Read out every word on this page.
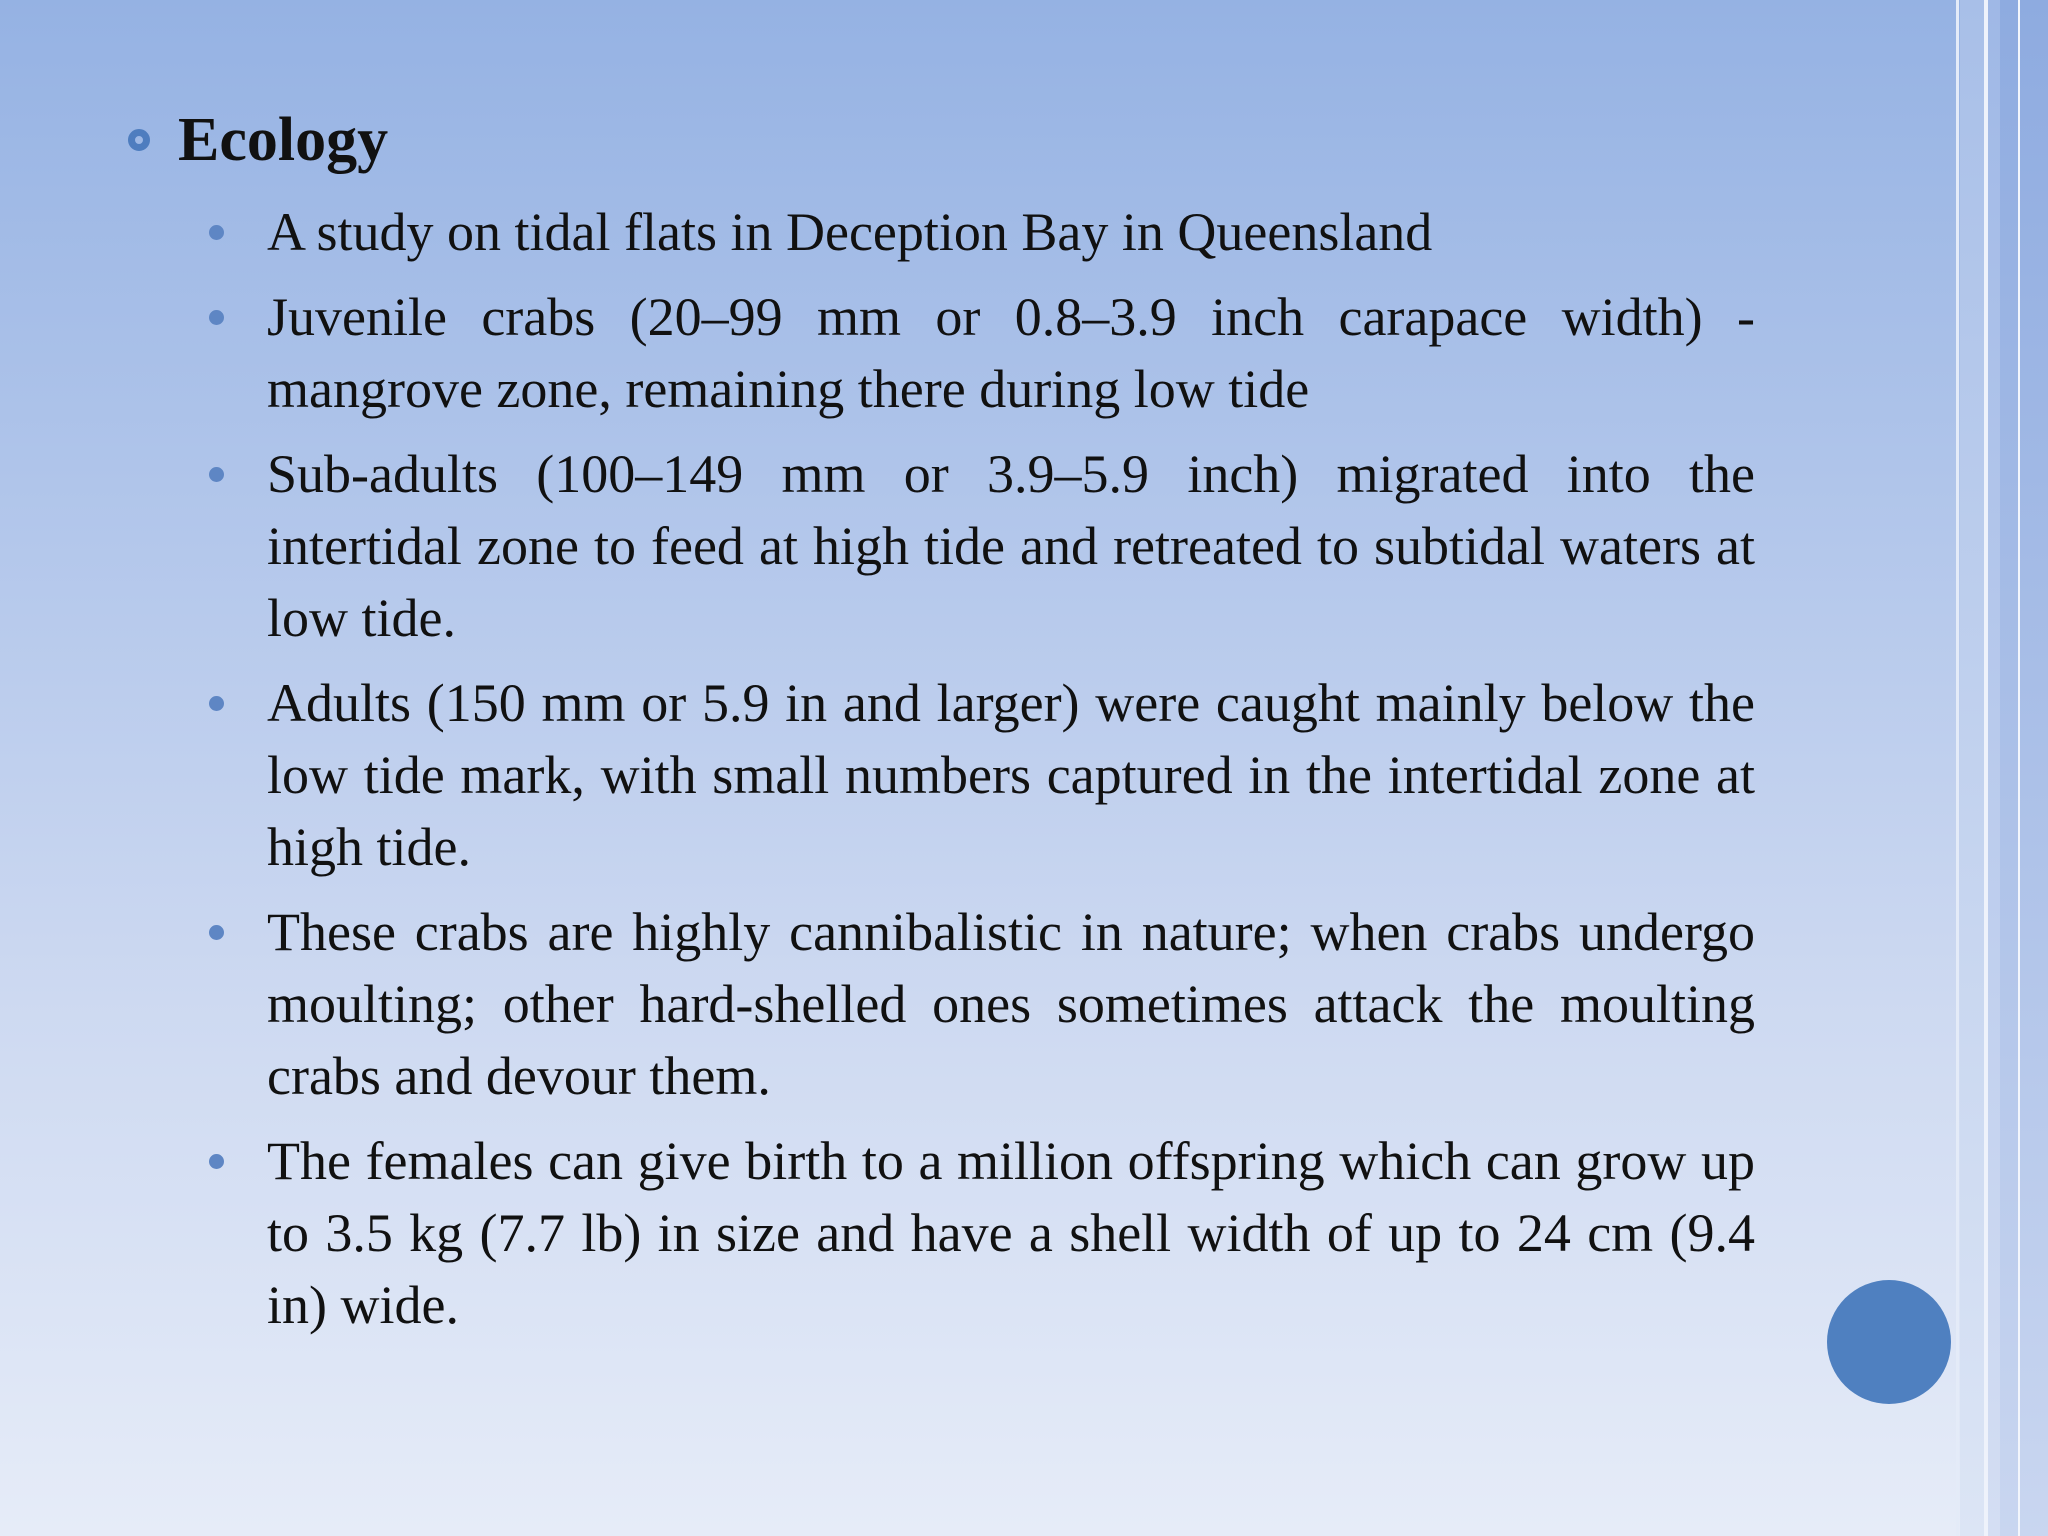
Ecology
A study on tidal flats in Deception Bay in Queensland
Juvenile crabs (20–99 mm or 0.8–3.9 inch carapace width) - mangrove zone, remaining there during low tide
Sub-adults (100–149 mm or 3.9–5.9 inch) migrated into the intertidal zone to feed at high tide and retreated to subtidal waters at low tide.
Adults (150 mm or 5.9 in and larger) were caught mainly below the low tide mark, with small numbers captured in the intertidal zone at high tide.
These crabs are highly cannibalistic in nature; when crabs undergo moulting; other hard-shelled ones sometimes attack the moulting crabs and devour them.
The females can give birth to a million offspring which can grow up to 3.5 kg (7.7 lb) in size and have a shell width of up to 24 cm (9.4 in) wide.
